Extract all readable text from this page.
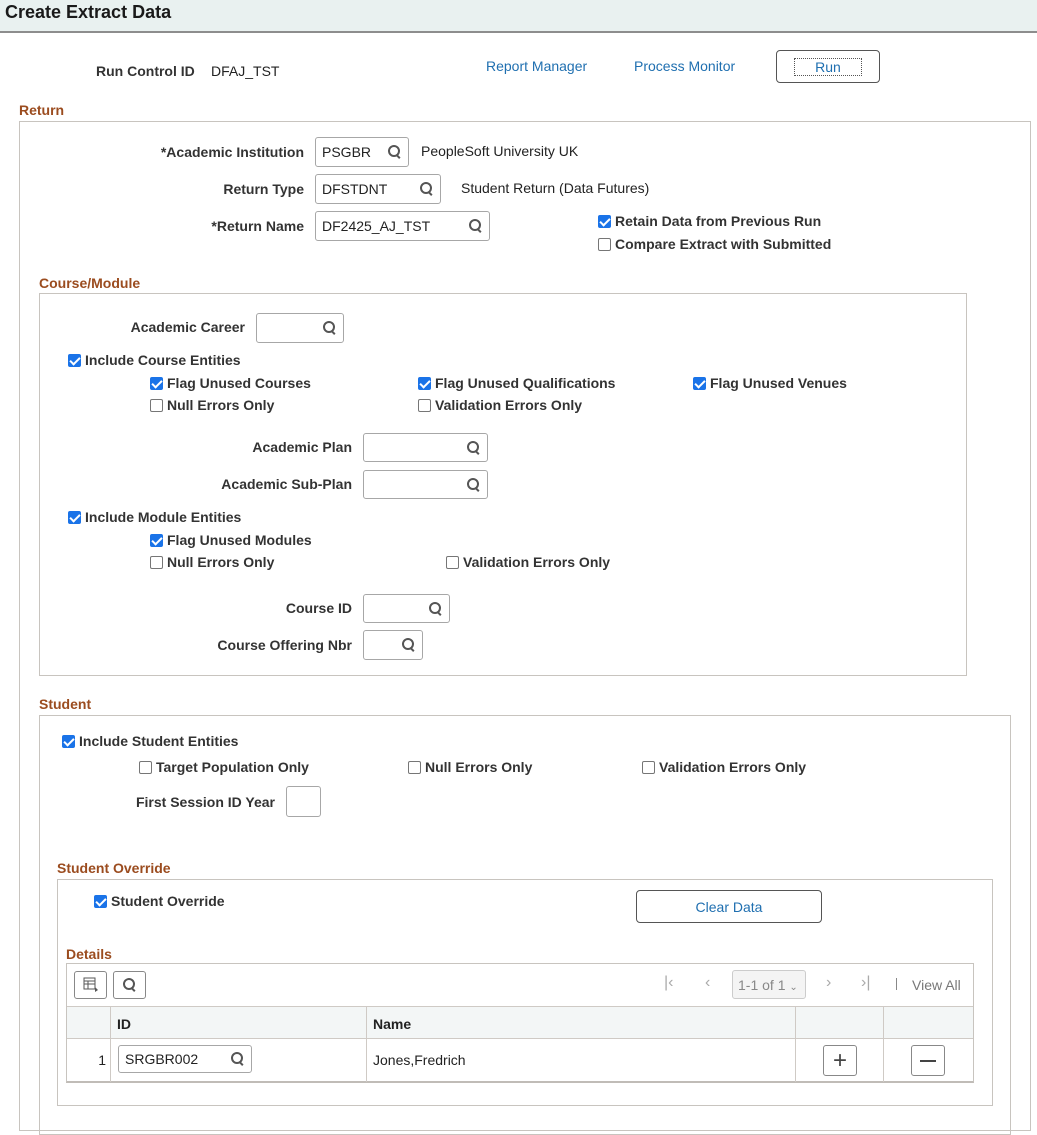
Create Extract Data
Run Control ID DFAJ_TST	Report Manager	Process Monitor	Run
Return
*Academic Institution PSGBR	PeopleSoft University UK
Return Type DFSTDNT	Student Return (Data Futures)
*Return Name DF2425_AJ_TST	Retain Data from Previous Run
Compare Extract with Submitted
Course/Module
Academic Career
Include Course Entities
Flag Unused Courses	Flag Unused Qualifications	Flag Unused Venues
Null Errors Only	Validation Errors Only
Academic Plan
Academic Sub-Plan
Include Module Entities
Flag Unused Modules
Null Errors Only	Validation Errors Only
Course ID
Course Offering Nbr
Student
Include Student Entities
Target Population Only	Null Errors Only	Validation Errors Only
First Session ID Year
Student Override
Student Override	Clear Data
Details
|‹ ‹	1-1 of 1 ⌄	› ›|	View All
ID	Name
1	SRGBR002	Jones,Fredrich	+
